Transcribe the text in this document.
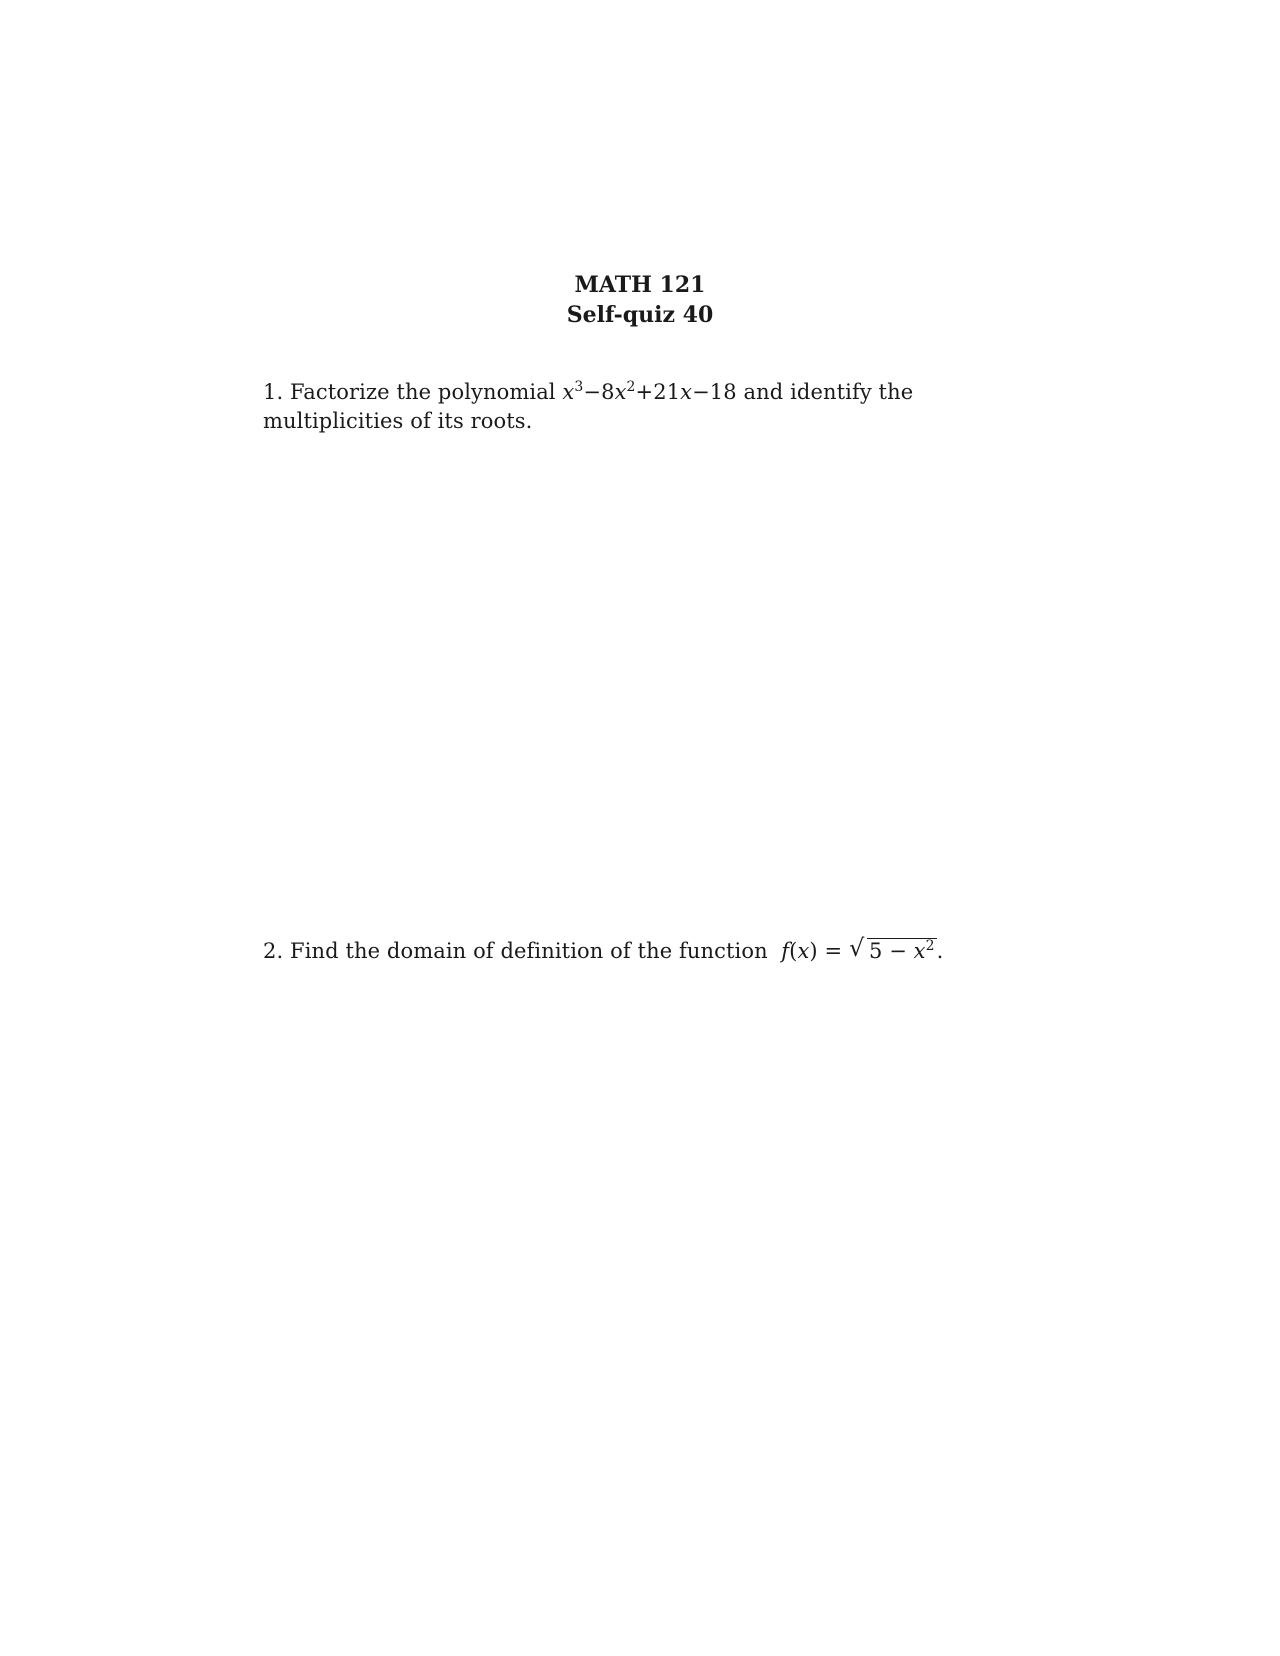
MATH 121
Self-quiz 40
1. Factorize the polynomial $x^3-8x^2+21x-18$ and identify the multiplicities of its roots.
2. Find the domain of definition of the function f(x) = √ $5 - x^2$.
